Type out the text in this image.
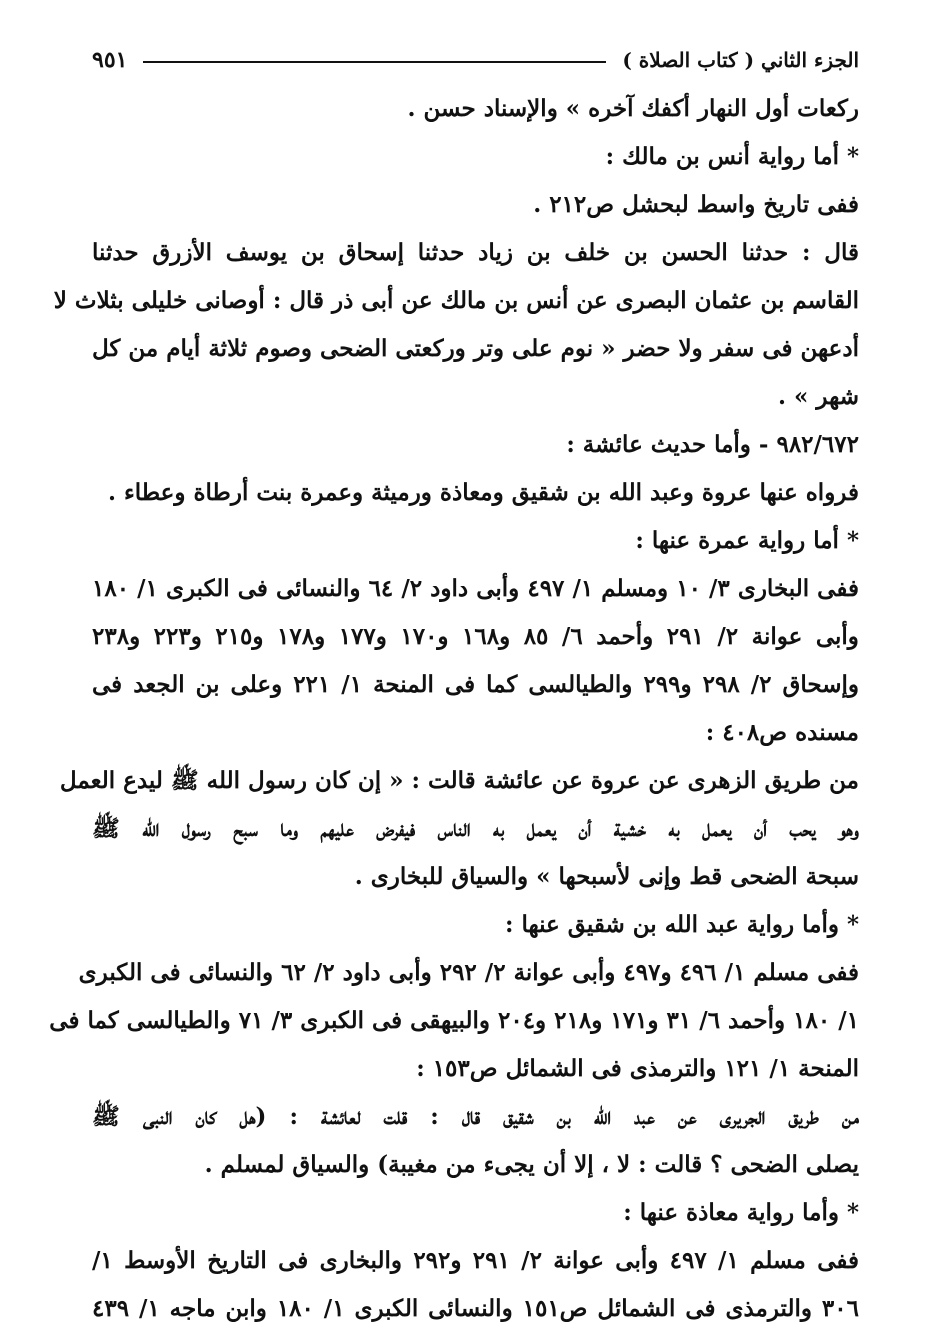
الجزء الثاني ( كتاب الصلاة )
٩٥١
ركعات أول النهار أكفك آخره » والإسناد حسن .
* أما رواية أنس بن مالك :
ففى تاريخ واسط لبحشل ص٢١٢ .
قال : حدثنا الحسن بن خلف بن زياد حدثنا إسحاق بن يوسف الأزرق حدثنا
القاسم بن عثمان البصرى عن أنس بن مالك عن أبى ذر قال : أوصانى خليلى بثلاث لا
أدعهن فى سفر ولا حضر « نوم على وتر وركعتى الضحى وصوم ثلاثة أيام من كل
شهر » .
٩٨٢/٦٧٢ - وأما حديث عائشة :
فرواه عنها عروة وعبد الله بن شقيق ومعاذة ورميثة وعمرة بنت أرطاة وعطاء .
* أما رواية عمرة عنها :
ففى البخارى ٣/ ١٠ ومسلم ١/ ٤٩٧ وأبى داود ٢/ ٦٤ والنسائى فى الكبرى ١/ ١٨٠
وأبى عوانة ٢/ ٢٩١ وأحمد ٦/ ٨٥ و١٦٨ و١٧٠ و١٧٧ و١٧٨ و٢١٥ و٢٢٣ و٢٣٨
وإسحاق ٢/ ٢٩٨ و٢٩٩ والطيالسى كما فى المنحة ١/ ٢٢١ وعلى بن الجعد فى
مسنده ص٤٠٨ :
من طريق الزهرى عن عروة عن عائشة قالت : « إن كان رسول الله ﷺ ليدع العمل
وهو يحب أن يعمل به خشية أن يعمل به الناس فيفرض عليهم وما سبح رسول الله ﷺ
سبحة الضحى قط وإنى لأسبحها » والسياق للبخارى .
* وأما رواية عبد الله بن شقيق عنها :
ففى مسلم ١/ ٤٩٦ و٤٩٧ وأبى عوانة ٢/ ٢٩٢ وأبى داود ٢/ ٦٢ والنسائى فى الكبرى
١/ ١٨٠ وأحمد ٦/ ٣١ و١٧١ و٢١٨ و٢٠٤ والبيهقى فى الكبرى ٣/ ٧١ والطيالسى كما فى
المنحة ١/ ١٢١ والترمذى فى الشمائل ص١٥٣ :
من طريق الجريرى عن عبد الله بن شقيق قال : قلت لعائشة : (هل كان النبى ﷺ
يصلى الضحى ؟ قالت : لا ، إلا أن يجىء من مغيبة) والسياق لمسلم .
* وأما رواية معاذة عنها :
ففى مسلم ١/ ٤٩٧ وأبى عوانة ٢/ ٢٩١ و٢٩٢ والبخارى فى التاريخ الأوسط ١/
٣٠٦ والترمذى فى الشمائل ص١٥١ والنسائى الكبرى ١/ ١٨٠ وابن ماجه ١/ ٤٣٩
